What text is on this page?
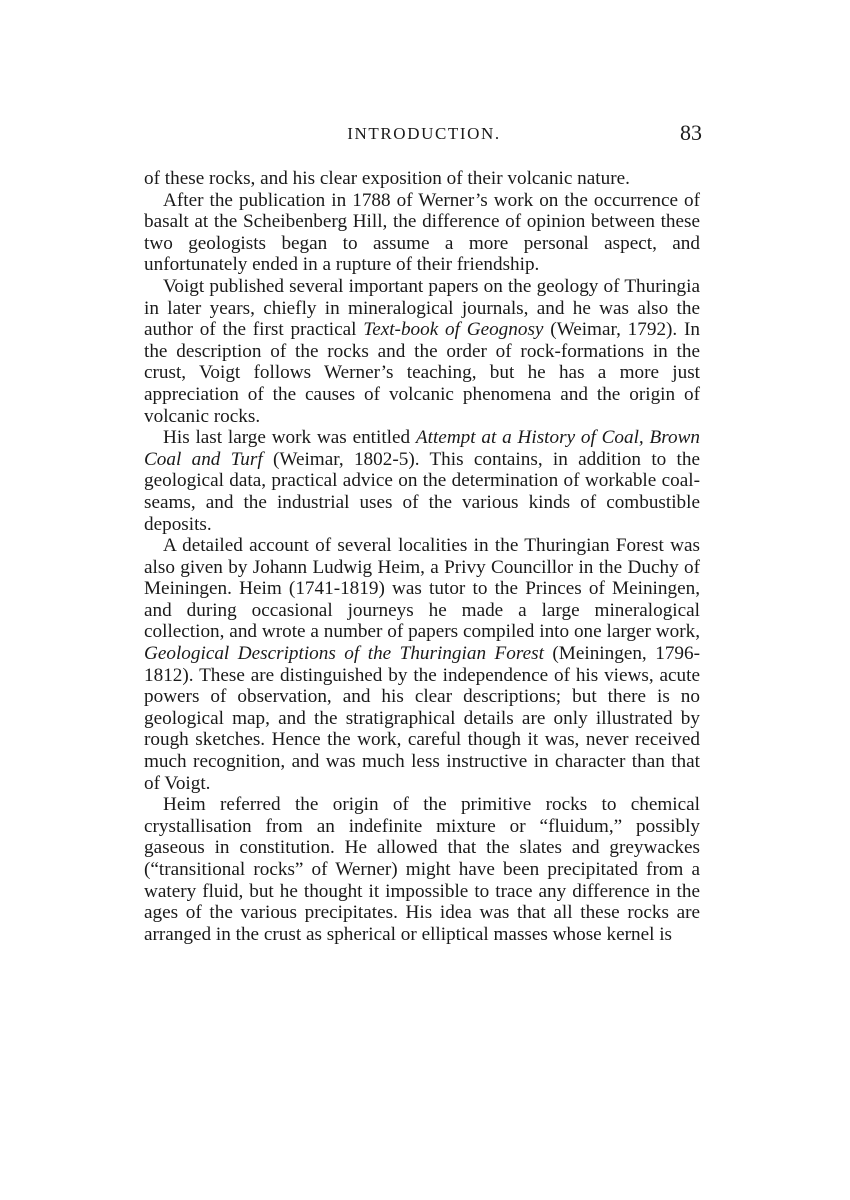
INTRODUCTION.	83

of these rocks, and his clear exposition of their volcanic nature.

After the publication in 1788 of Werner’s work on the occurrence of basalt at the Scheibenberg Hill, the difference of opinion between these two geologists began to assume a more personal aspect, and unfortunately ended in a rupture of their friendship.

Voigt published several important papers on the geology of Thuringia in later years, chiefly in mineralogical journals, and he was also the author of the first practical Text-book of Geognosy (Weimar, 1792). In the description of the rocks and the order of rock-formations in the crust, Voigt follows Werner’s teaching, but he has a more just appreciation of the causes of volcanic phenomena and the origin of volcanic rocks.

His last large work was entitled Attempt at a History of Coal, Brown Coal and Turf (Weimar, 1802-5). This contains, in addition to the geological data, practical advice on the determination of workable coal-seams, and the industrial uses of the various kinds of combustible deposits.

A detailed account of several localities in the Thuringian Forest was also given by Johann Ludwig Heim, a Privy Councillor in the Duchy of Meiningen. Heim (1741-1819) was tutor to the Princes of Meiningen, and during occasional journeys he made a large mineralogical collection, and wrote a number of papers compiled into one larger work, Geological Descriptions of the Thuringian Forest (Meiningen, 1796-1812). These are distinguished by the independence of his views, acute powers of observation, and his clear descriptions; but there is no geological map, and the stratigraphical details are only illustrated by rough sketches. Hence the work, careful though it was, never received much recognition, and was much less instructive in character than that of Voigt.

Heim referred the origin of the primitive rocks to chemical crystallisation from an indefinite mixture or “fluidum,” possibly gaseous in constitution. He allowed that the slates and greywackes (“transitional rocks” of Werner) might have been precipitated from a watery fluid, but he thought it impossible to trace any difference in the ages of the various precipitates. His idea was that all these rocks are arranged in the crust as spherical or elliptical masses whose kernel is
